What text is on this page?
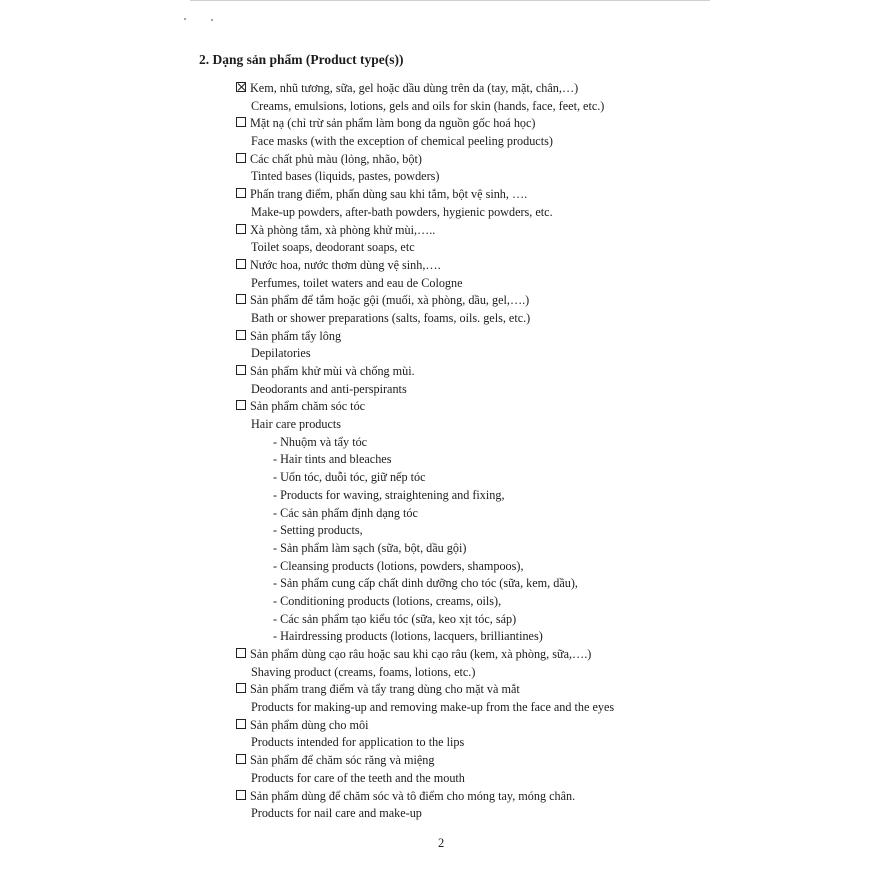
2. Dạng sản phẩm (Product type(s))
Kem, nhũ tương, sữa, gel hoặc dầu dùng trên da (tay, mặt, chân,…)
Creams, emulsions, lotions, gels and oils for skin (hands, face, feet, etc.)
Mặt nạ (chỉ trừ sản phẩm làm bong da nguồn gốc hoá học)
Face masks (with the exception of chemical peeling products)
Các chất phủ màu (lỏng, nhão, bột)
Tinted bases (liquids, pastes, powders)
Phấn trang điểm, phấn dùng sau khi tắm, bột vệ sinh, ….
Make-up powders, after-bath powders, hygienic powders, etc.
Xà phòng tắm, xà phòng khử mùi,…..
Toilet soaps, deodorant soaps, etc
Nước hoa, nước thơm dùng vệ sinh,….
Perfumes, toilet waters and eau de Cologne
Sản phẩm để tắm hoặc gội (muối, xà phòng, dầu, gel,….)
Bath or shower preparations (salts, foams, oils. gels, etc.)
Sản phẩm tẩy lông
Depilatories
Sản phẩm khử mùi và chống mùi.
Deodorants and anti-perspirants
Sản phẩm chăm sóc tóc
Hair care products
- Nhuộm và tẩy tóc
- Hair tints and bleaches
- Uốn tóc, duỗi tóc, giữ nếp tóc
- Products for waving, straightening and fixing,
- Các sản phẩm định dạng tóc
- Setting products,
- Sản phẩm làm sạch (sữa, bột, dầu gội)
- Cleansing products (lotions, powders, shampoos),
- Sản phẩm cung cấp chất dinh dưỡng cho tóc (sữa, kem, dầu),
- Conditioning products (lotions, creams, oils),
- Các sản phẩm tạo kiểu tóc (sữa, keo xịt tóc, sáp)
- Hairdressing products (lotions, lacquers, brilliantines)
Sản phẩm dùng cạo râu hoặc sau khi cạo râu (kem, xà phòng, sữa,….)
Shaving product (creams, foams, lotions, etc.)
Sản phẩm trang điểm và tẩy trang dùng cho mặt và mắt
Products for making-up and removing make-up from the face and the eyes
Sản phẩm dùng cho môi
Products intended for application to the lips
Sản phẩm để chăm sóc răng và miệng
Products for care of the teeth and the mouth
Sản phẩm dùng để chăm sóc và tô điểm cho móng tay, móng chân.
Products for nail care and make-up
2
